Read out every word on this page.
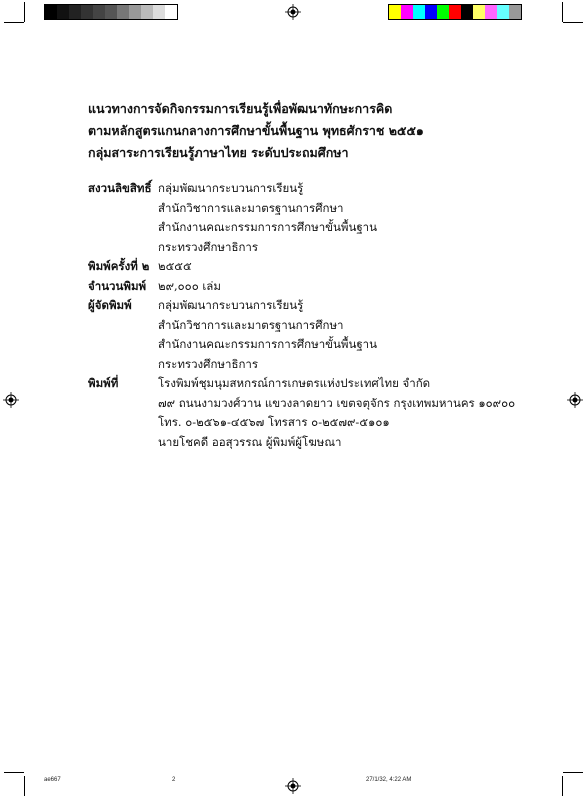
แนวทางการจัดกิจกรรมการเรียนรู้เพื่อพัฒนาทักษะการคิด
ตามหลักสูตรแกนกลางการศึกษาขั้นพื้นฐาน พุทธศักราช ๒๕๕๑
กลุ่มสาระการเรียนรู้ภาษาไทย ระดับประถมศึกษา
สงวนลิขสิทธิ์ กลุ่มพัฒนากระบวนการเรียนรู้
สำนักวิชาการและมาตรฐานการศึกษา
สำนักงานคณะกรรมการการศึกษาขั้นพื้นฐาน
กระทรวงศึกษาธิการ
พิมพ์ครั้งที่ ๒ ๒๕๕๕
จำนวนพิมพ์ ๒๙,๐๐๐ เล่ม
ผู้จัดพิมพ์ กลุ่มพัฒนากระบวนการเรียนรู้
สำนักวิชาการและมาตรฐานการศึกษา
สำนักงานคณะกรรมการการศึกษาขั้นพื้นฐาน
กระทรวงศึกษาธิการ
พิมพ์ที่	โรงพิมพ์ชุมนุมสหกรณ์การเกษตรแห่งประเทศไทย จำกัด
๗๙ ถนนงามวงศ์วาน แขวงลาดยาว เขตจตุจักร กรุงเทพมหานคร ๑๐๙๐๐
โทร. ๐-๒๕๖๑-๔๕๖๗ โทรสาร ๐-๒๕๗๙-๕๑๐๑
นายโชคดี ออสุวรรณ ผู้พิมพ์ผู้โฆษณา
ae667	2	27/1/32, 4:22 AM
